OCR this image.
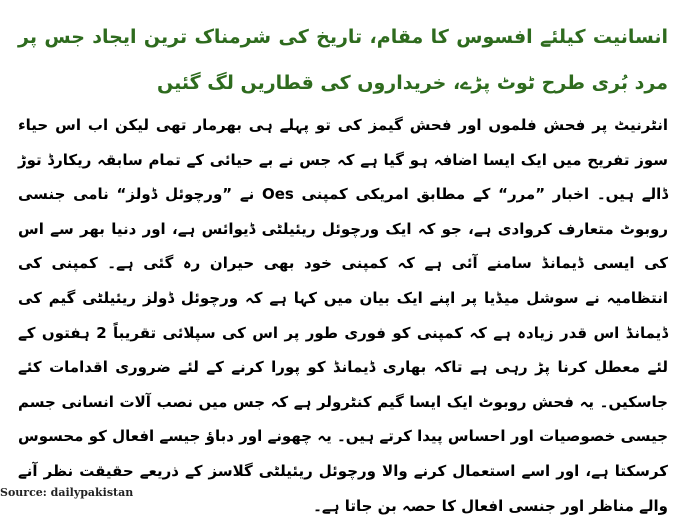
انسانیت کیلئے افسوس کا مقام، تاریخ کی شرمناک ترین ایجاد جس پر مرد بُری طرح ٹوٹ پڑے، خریداروں کی قطاریں لگ گئیں

انٹرنیٹ پر فحش فلموں اور فحش گیمز کی تو پہلے ہی بھرمار تھی لیکن اب اس حیاء سوز تفریح میں ایک ایسا اضافہ ہو گیا ہے کہ جس نے بے حیائی کے تمام سابقہ ریکارڈ توڑ ڈالے ہیں۔ اخبار ”مرر“ کے مطابق امریکی کمپنی Oes نے ”ورچوئل ڈولز“ نامی جنسی روبوٹ متعارف کروادی ہے، جو کہ ایک ورچوئل ریئیلٹی ڈیوائس ہے، اور دنیا بھر سے اس کی ایسی ڈیمانڈ سامنے آئی ہے کہ کمپنی خود بھی حیران رہ گئی ہے۔ کمپنی کی انتظامیہ نے سوشل میڈیا پر اپنے ایک بیان میں کہا ہے کہ ورچوئل ڈولز ریئیلٹی گیم کی ڈیمانڈ اس قدر زیادہ ہے کہ کمپنی کو فوری طور پر اس کی سپلائی تقریباً 2 ہفتوں کے لئے معطل کرنا پڑ رہی ہے تاکہ بھاری ڈیمانڈ کو پورا کرنے کے لئے ضروری اقدامات کئے جاسکیں۔ یہ فحش روبوٹ ایک ایسا گیم کنٹرولر ہے کہ جس میں نصب آلات انسانی جسم جیسی خصوصیات اور احساس پیدا کرتے ہیں۔ یہ چھونے اور دباؤ جیسے افعال کو محسوس کرسکتا ہے، اور اسے استعمال کرنے والا ورچوئل ریئیلٹی گلاسز کے ذریعے حقیقت نظر آنے والے مناظر اور جنسی افعال کا حصہ بن جاتا ہے۔

Source: dailypakistan
